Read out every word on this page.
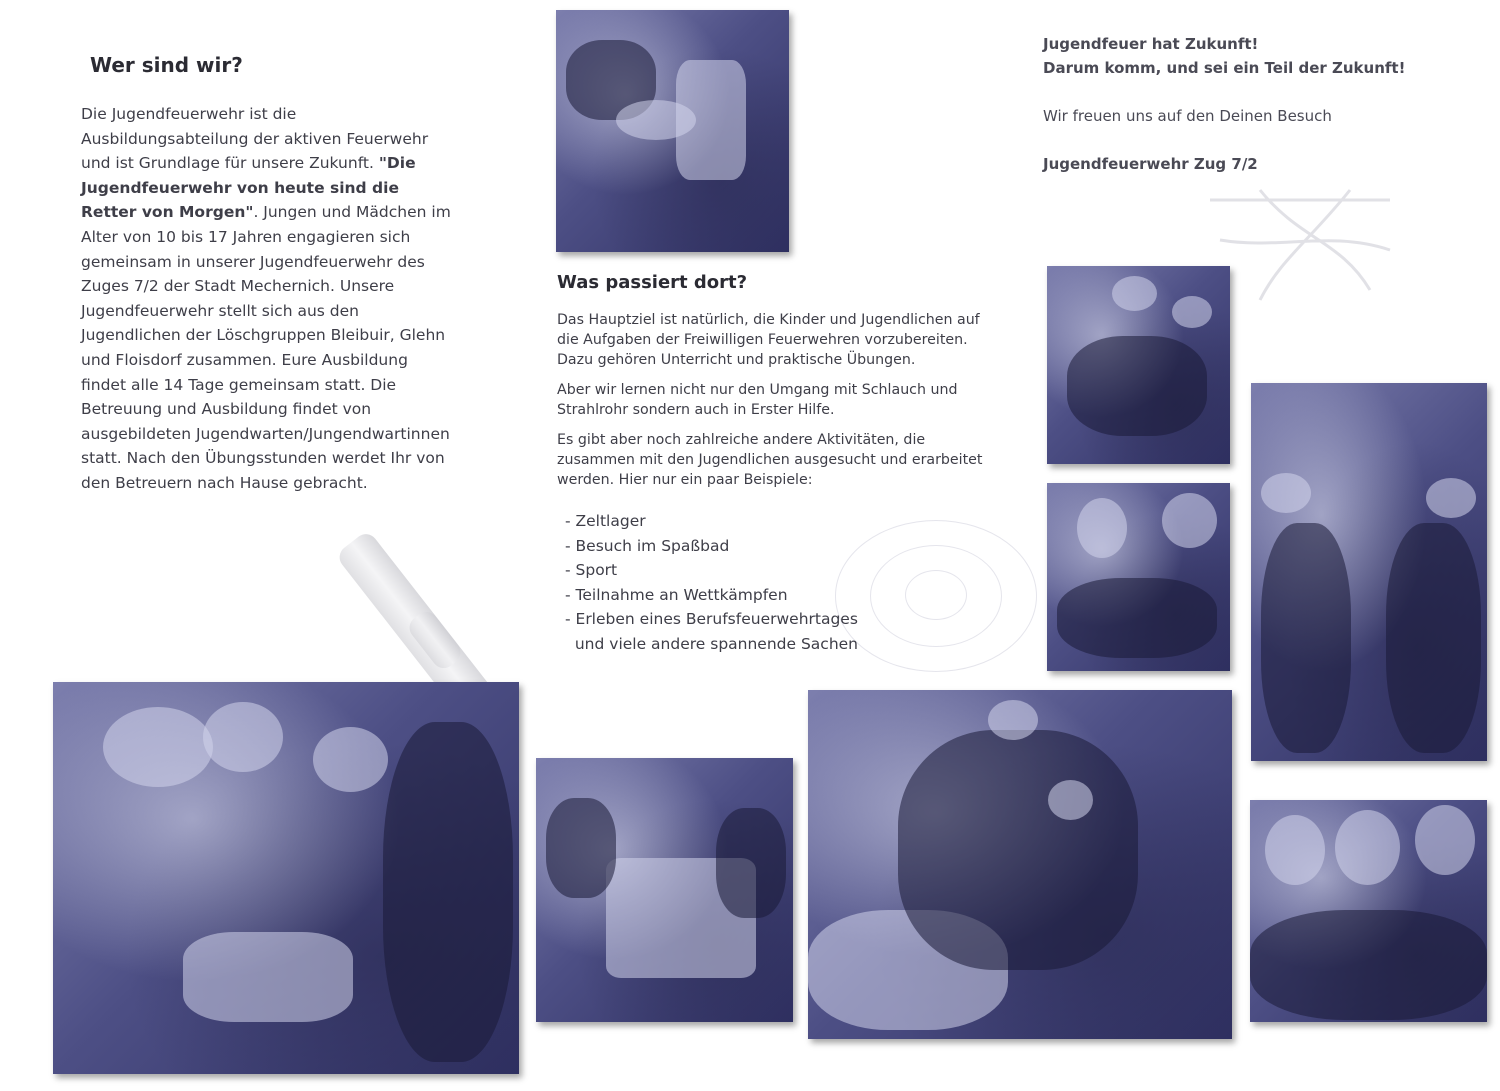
Wer sind wir?

Die Jugendfeuerwehr ist die Ausbildungsabteilung der aktiven Feuerwehr und ist Grundlage für unsere Zukunft. "Die Jugendfeuerwehr von heute sind die Retter von Morgen". Jungen und Mädchen im Alter von 10 bis 17 Jahren engagieren sich gemeinsam in unserer Jugendfeuerwehr des Zuges 7/2 der Stadt Mechernich. Unsere Jugendfeuerwehr stellt sich aus den Jugendlichen der Löschgruppen Bleibuir, Glehn und Floisdorf zusammen. Eure Ausbildung findet alle 14 Tage gemeinsam statt. Die Betreuung und Ausbildung findet von ausgebildeten Jugendwarten/Jungendwartinnen statt. Nach den Übungsstunden werdet Ihr von den Betreuern nach Hause gebracht.

Was passiert dort?

Das Hauptziel ist natürlich, die Kinder und Jugendlichen auf die Aufgaben der Freiwilligen Feuerwehren vorzubereiten. Dazu gehören Unterricht und praktische Übungen.

Aber wir lernen nicht nur den Umgang mit Schlauch und Strahlrohr sondern auch in Erster Hilfe.

Es gibt aber noch zahlreiche andere Aktivitäten, die zusammen mit den Jugendlichen ausgesucht und erarbeitet werden. Hier nur ein paar Beispiele:

- Zeltlager
- Besuch im Spaßbad
- Sport
- Teilnahme an Wettkämpfen
- Erleben eines Berufsfeuerwehrtages
und viele andere spannende Sachen
Jugendfeuer hat Zukunft!
Darum komm, und sei ein Teil der Zukunft!
Wir freuen uns auf den Deinen Besuch
Jugendfeuerwehr Zug 7/2
